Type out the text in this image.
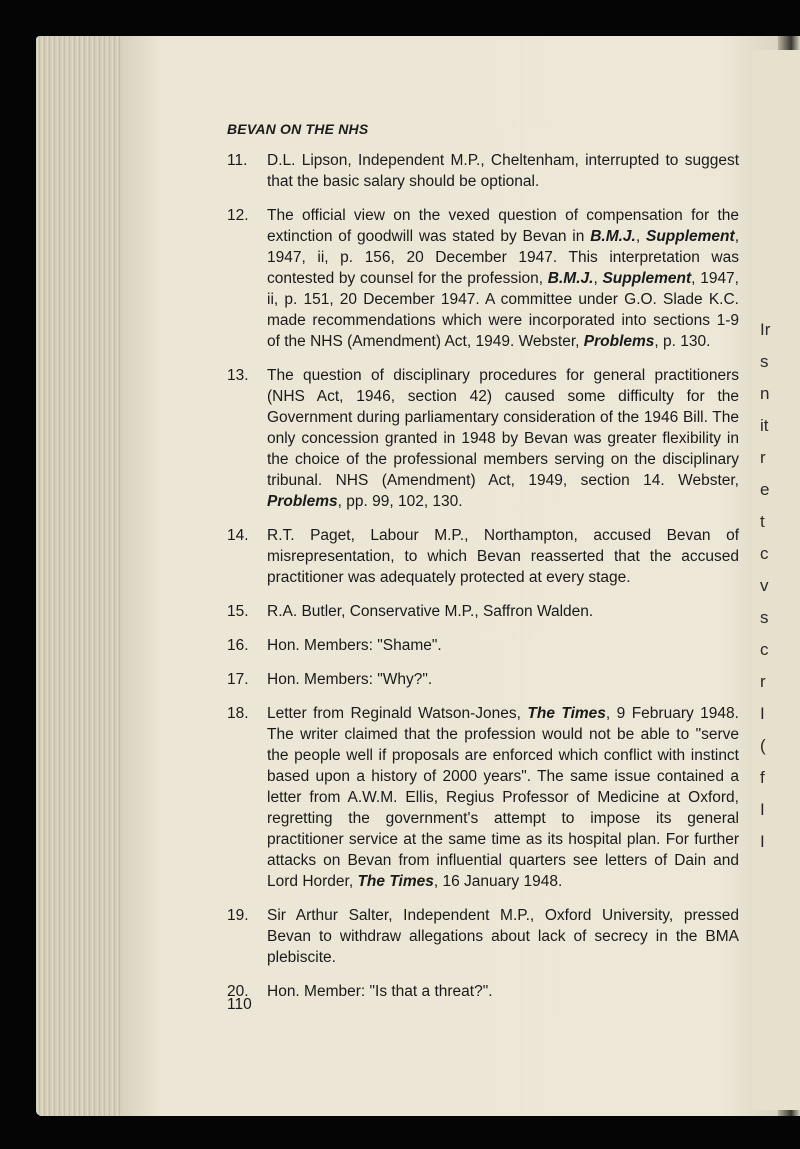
Ir
s
n
it
r
e
t
c
v
s
c
r
I
(
f
I
I
BEVAN ON THE NHS
11.	D.L. Lipson, Independent M.P., Cheltenham, interrupted to suggest that the basic salary should be optional.
12.	The official view on the vexed question of compensation for the extinction of goodwill was stated by Bevan in B.M.J., Supplement, 1947, ii, p. 156, 20 December 1947. This interpretation was contested by counsel for the profession, B.M.J., Supplement, 1947, ii, p. 151, 20 December 1947. A committee under G.O. Slade K.C. made recommendations which were incorporated into sections 1-9 of the NHS (Amendment) Act, 1949. Webster, Problems, p. 130.
13.	The question of disciplinary procedures for general practitioners (NHS Act, 1946, section 42) caused some difficulty for the Government during parliamentary consideration of the 1946 Bill. The only concession granted in 1948 by Bevan was greater flexibility in the choice of the professional members serving on the disciplinary tribunal. NHS (Amendment) Act, 1949, section 14. Webster, Problems, pp. 99, 102, 130.
14.	R.T. Paget, Labour M.P., Northampton, accused Bevan of misrepresentation, to which Bevan reasserted that the accused practitioner was adequately protected at every stage.
15.	R.A. Butler, Conservative M.P., Saffron Walden.
16.	Hon. Members: "Shame".
17.	Hon. Members: "Why?".
18.	Letter from Reginald Watson-Jones, The Times, 9 February 1948. The writer claimed that the profession would not be able to "serve the people well if proposals are enforced which conflict with instinct based upon a history of 2000 years". The same issue contained a letter from A.W.M. Ellis, Regius Professor of Medicine at Oxford, regretting the government's attempt to impose its general practitioner service at the same time as its hospital plan. For further attacks on Bevan from influential quarters see letters of Dain and Lord Horder, The Times, 16 January 1948.
19.	Sir Arthur Salter, Independent M.P., Oxford University, pressed Bevan to withdraw allegations about lack of secrecy in the BMA plebiscite.
20.	Hon. Member: "Is that a threat?".
110
